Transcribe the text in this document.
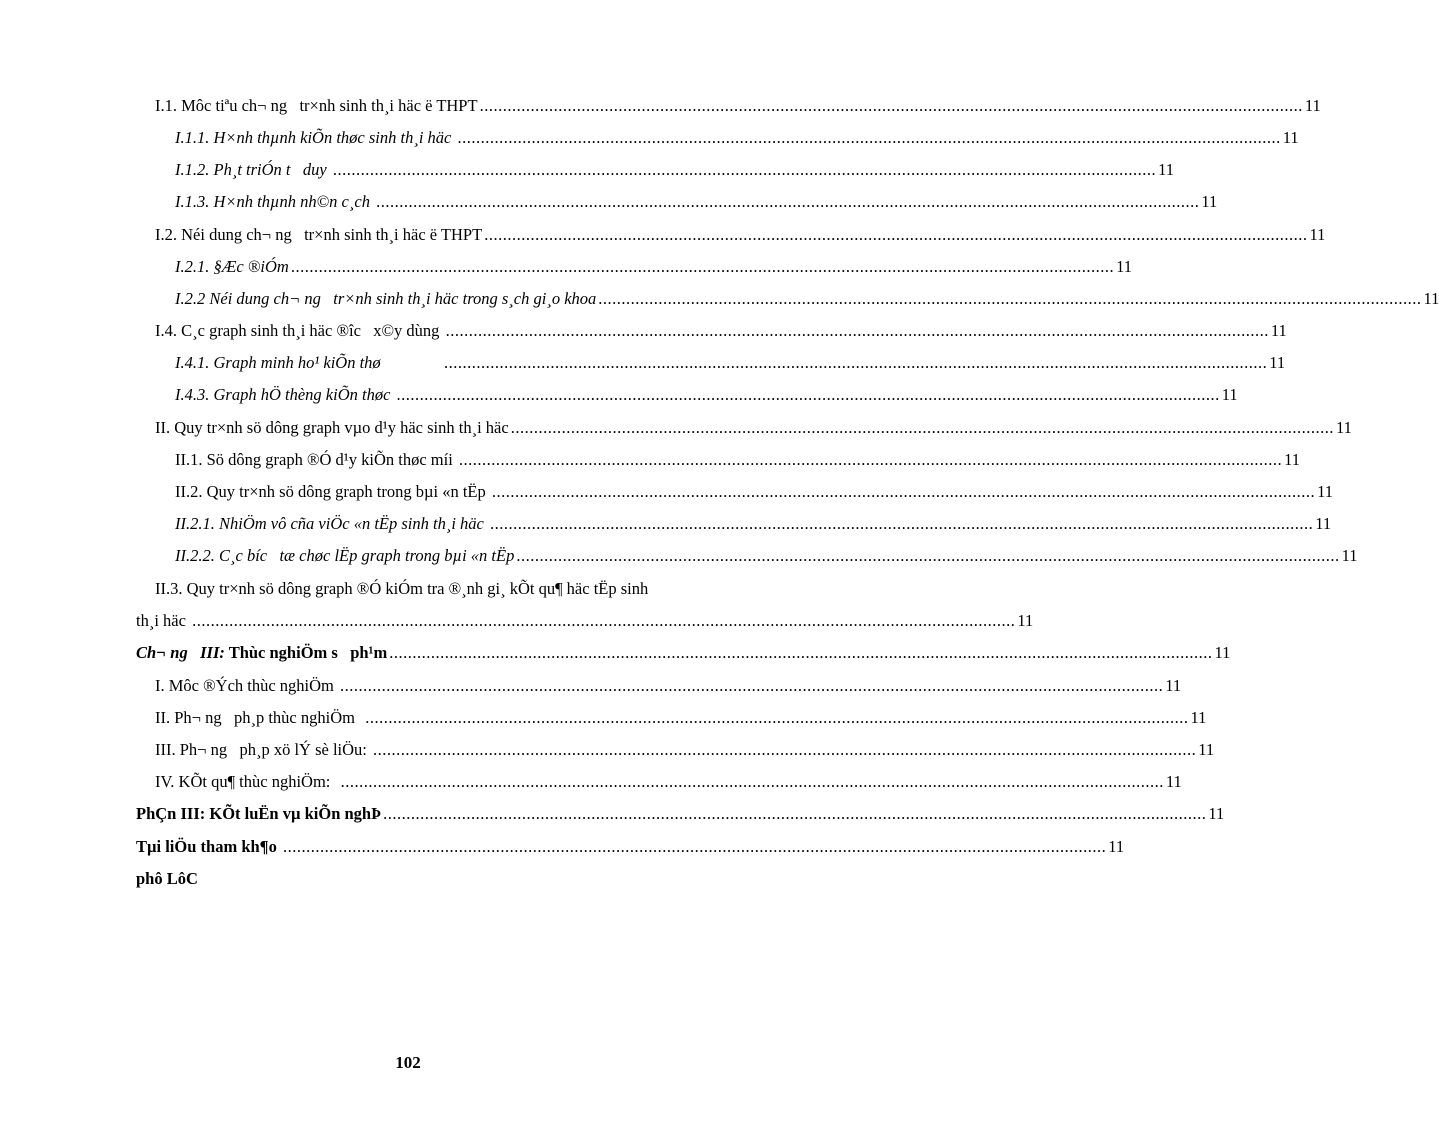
I.1. Môc tiªu ch¬ ng   tr×nh sinh th¸i häc ë THPT .................................................................................................................................................................................. 11
I.1.1. H×nh thµnh kiÕn thøc sinh th¸i häc .................................................................................................................................................................................. 11
I.1.2. Ph¸t triÓn t   duy .................................................................................................................................................................................. 11
I.1.3. H×nh thµnh nh©n c¸ch .................................................................................................................................................................................. 11
I.2. Néi dung ch¬ ng   tr×nh sinh th¸i häc ë THPT .................................................................................................................................................................................. 11
I.2.1. §Æc ®iÓm .................................................................................................................................................................................. 11
I.2.2 Néi dung ch¬ ng   tr×nh sinh th¸i häc trong s¸ch gi¸o khoa .................................................................................................................................................................................. 11
I.4. C¸c graph sinh th¸i häc ®îc   x©y dùng .................................................................................................................................................................................. 11
I.4.1. Graph minh ho¹ kiÕn thø	.................................................................................................................................................................................. 11
I.4.3. Graph hÖ thèng kiÕn thøc .................................................................................................................................................................................. 11
II. Quy tr×nh sö dông graph vµo d¹y häc sinh th¸i häc .................................................................................................................................................................................. 11
II.1. Sö dông graph ®Ó d¹y kiÕn thøc míi .................................................................................................................................................................................. 11
II.2. Quy tr×nh sö dông graph trong bµi «n tËp .................................................................................................................................................................................. 11
II.2.1. NhiÖm vô cña viÖc «n tËp sinh th¸i häc .................................................................................................................................................................................. 11
II.2.2. C¸c bíc   tæ chøc lËp graph trong bµi «n tËp .................................................................................................................................................................................. 11
II.3. Quy tr×nh sö dông graph ®Ó kiÓm tra ®¸nh gi¸ kÕt qu¶ häc tËp sinh
th¸i häc .................................................................................................................................................................................. 11
Ch¬ ng   III: Thùc nghiÖm s   ph¹m .................................................................................................................................................................................. 11
I. Môc ®Ých thùc nghiÖm .................................................................................................................................................................................. 11
II. Ph¬ ng   ph¸p thùc nghiÖm .................................................................................................................................................................................. 11
III. Ph¬ ng   ph¸p xö lÝ sè liÖu: .................................................................................................................................................................................. 11
IV. KÕt qu¶ thùc nghiÖm: .................................................................................................................................................................................. 11
PhÇn III: KÕt luËn vµ kiÕn nghÞ .................................................................................................................................................................................. 11
Tµi liÖu tham kh¶o .................................................................................................................................................................................. 11
phô LôC
102
